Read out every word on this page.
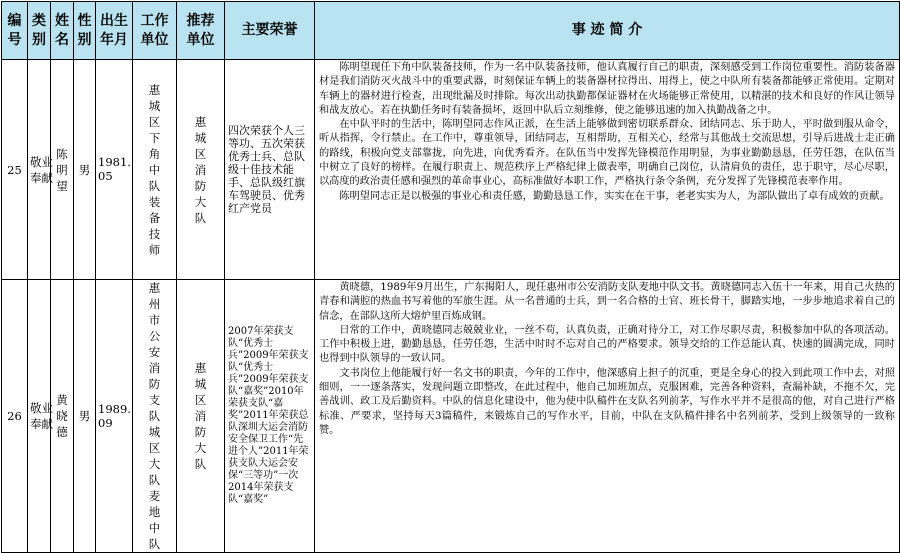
编号	类别	姓名	性别	出生年月	工作单位	推荐单位	主要荣誉	事 迹 简 介
25	敬业奉献	陈明望	男	1981.05	惠城区下角中队装备技师	惠城区消防大队	四次荣获个人三等功、五次荣获优秀士兵、总队级十佳技术能手、总队级红旗车驾驶员、优秀红产党员	陈明望现任下角中队装备技师，作为一名中队装备技师，他认真履行自己的职责，深刻感受到工作岗位重要性。消防装备器材是我们消防灭火战斗中的重要武器，时刻保证车辆上的装备器材拉得出、用得上，使之中队所有装备都能够正常使用。定期对车辆上的器材进行检查，出现纰漏及时排除。每次出动执勤都保证器材在火场能够正常使用，以精湛的技术和良好的作风让领导和战友放心。若在执勤任务时有装备损坏，返回中队后立刻维修，使之能够迅速的加入执勤战备之中。

在中队平时的生活中，陈明望同志作风正派，在生活上能够做到密切联系群众、团结同志、乐于助人，平时做到服从命令，听从指挥，令行禁止。在工作中，尊重领导，团结同志，互相帮助，互相关心，经常与其他战士交流思想，引导后进战士走正确的路线，积极向党支部靠拢，向先进，向优秀看齐。在队伍当中发挥先锋模范作用明显，为事业勤勤恳恳，任劳任怨，在队伍当中树立了良好的榜样。在履行职责上、规范秩序上严格纪律上做表率，明确自己岗位，认清肩负的责任，忠于职守，尽心尽职，以高度的政治责任感和强烈的革命事业心，高标准做好本职工作，严格执行条令条例，充分发挥了先锋模范表率作用。

陈明望同志正是以极强的事业心和责任感，勤勤恳恳工作，实实在在干事，老老实实为人，为部队做出了卓有成效的贡献。

26	敬业奉献	黄晓德	男	1989.09	惠州市公安消防支队城区大队麦地中队	惠城区消防大队	2007年荣获支队“优秀士兵”2009年荣获支队“优秀士兵”2009年荣获支队“嘉奖”2010年荣获支队“嘉奖”2011年荣获总队深圳大运会消防安全保卫工作“先进个人”2011年荣获支队大运会安保“三等功”一次2014年荣获支队“嘉奖”	黄晓德，1989年9月出生，广东揭阳人，现任惠州市公安消防支队麦地中队文书。黄晓德同志入伍十一年来，用自己火热的青春和满腔的热血书写着他的军旅生涯。从一名普通的士兵，到一名合格的士官、班长骨干，脚踏实地，一步步地追求着自己的信念，在部队这所大熔炉里百炼成钢。

日常的工作中，黄晓德同志兢兢业业，一丝不苟，认真负责，正确对待分工，对工作尽职尽责，积极参加中队的各项活动。工作中积极上进，勤勤恳恳，任劳任怨，生活中时时不忘对自己的严格要求。领导交给的工作总能认真、快速的圆满完成，同时也得到中队领导的一致认同。

文书岗位上他能履行好一名文书的职责，今年的工作中，他深感肩上担子的沉重，更是全身心的投入到此项工作中去，对照细则，一一逐条落实，发现问题立即整改，在此过程中，他自己加班加点，克服困难，完善各种资料，查漏补缺，不拖不欠，完善战训、政工及后勤资料。中队的信息化建设中，他为使中队稿件在支队名列前茅，写作水平并不是很高的他，对自己进行严格标准、严要求，坚持每天3篇稿件，来锻炼自己的写作水平，目前，中队在支队稿件排名中名列前茅，受到上级领导的一致称赞。
